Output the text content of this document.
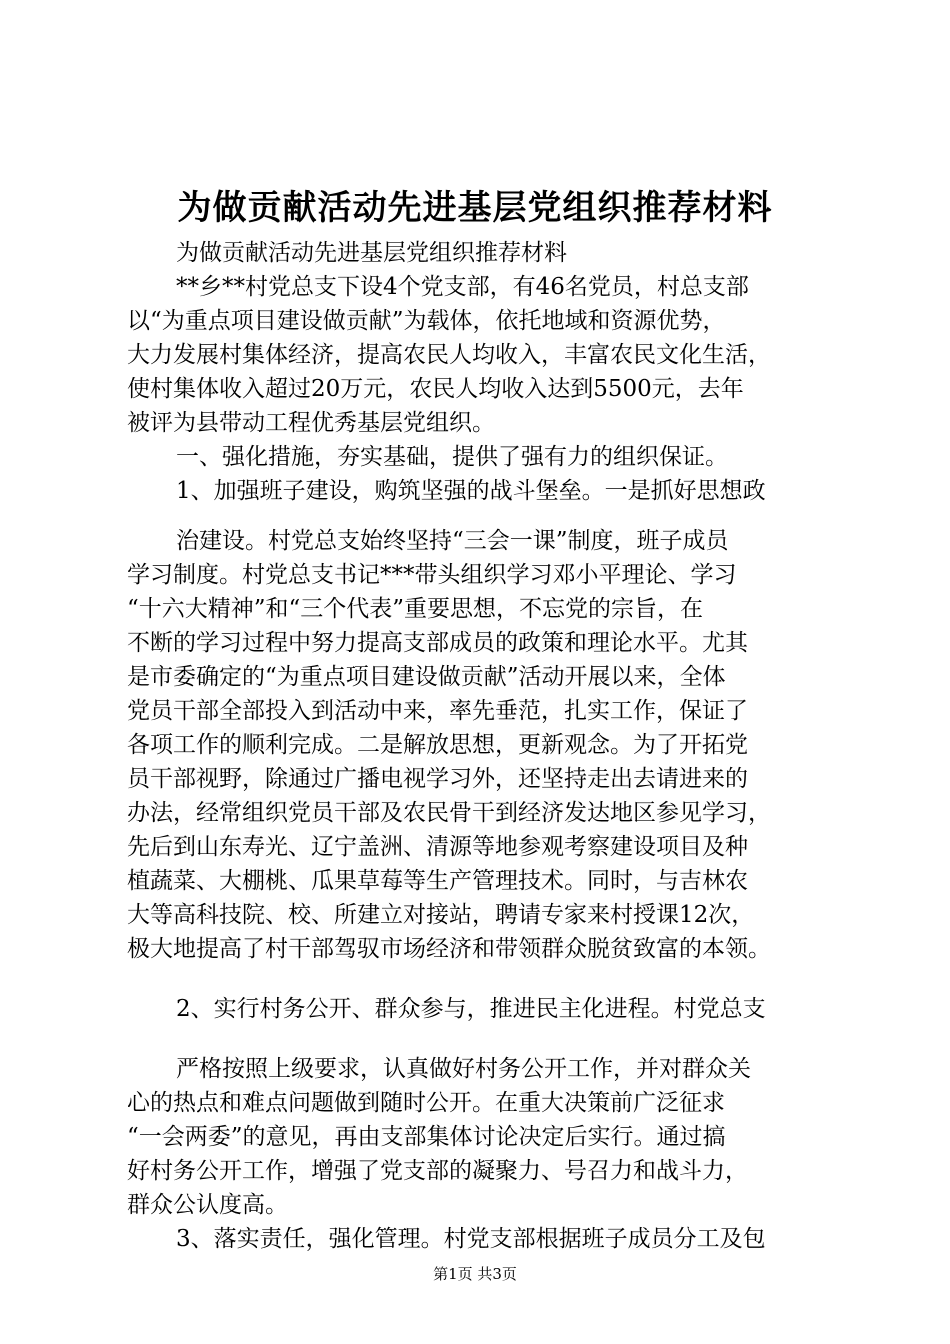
为做贡献活动先进基层党组织推荐材料
为做贡献活动先进基层党组织推荐材料
**乡**村党总支下设4个党支部，有46名党员，村总支部
以“为重点项目建设做贡献”为载体，依托地域和资源优势，
大力发展村集体经济，提高农民人均收入，丰富农民文化生活，
使村集体收入超过20万元，农民人均收入达到5500元，去年
被评为县带动工程优秀基层党组织。
一、强化措施，夯实基础，提供了强有力的组织保证。
1、加强班子建设，购筑坚强的战斗堡垒。一是抓好思想政
治建设。村党总支始终坚持“三会一课”制度，班子成员
学习制度。村党总支书记***带头组织学习邓小平理论、学习
“十六大精神”和“三个代表”重要思想，不忘党的宗旨，在
不断的学习过程中努力提高支部成员的政策和理论水平。尤其
是市委确定的“为重点项目建设做贡献”活动开展以来，全体
党员干部全部投入到活动中来，率先垂范，扎实工作，保证了
各项工作的顺利完成。二是解放思想，更新观念。为了开拓党
员干部视野，除通过广播电视学习外，还坚持走出去请进来的
办法，经常组织党员干部及农民骨干到经济发达地区参见学习，
先后到山东寿光、辽宁盖洲、清源等地参观考察建设项目及种
植蔬菜、大棚桃、瓜果草莓等生产管理技术。同时，与吉林农
大等高科技院、校、所建立对接站，聘请专家来村授课12次，
极大地提高了村干部驾驭市场经济和带领群众脱贫致富的本领。
2、实行村务公开、群众参与，推进民主化进程。村党总支
严格按照上级要求，认真做好村务公开工作，并对群众关
心的热点和难点问题做到随时公开。在重大决策前广泛征求
“一会两委”的意见，再由支部集体讨论决定后实行。通过搞
好村务公开工作，增强了党支部的凝聚力、号召力和战斗力，
群众公认度高。
3、落实责任，强化管理。村党支部根据班子成员分工及包
第1页 共3页
